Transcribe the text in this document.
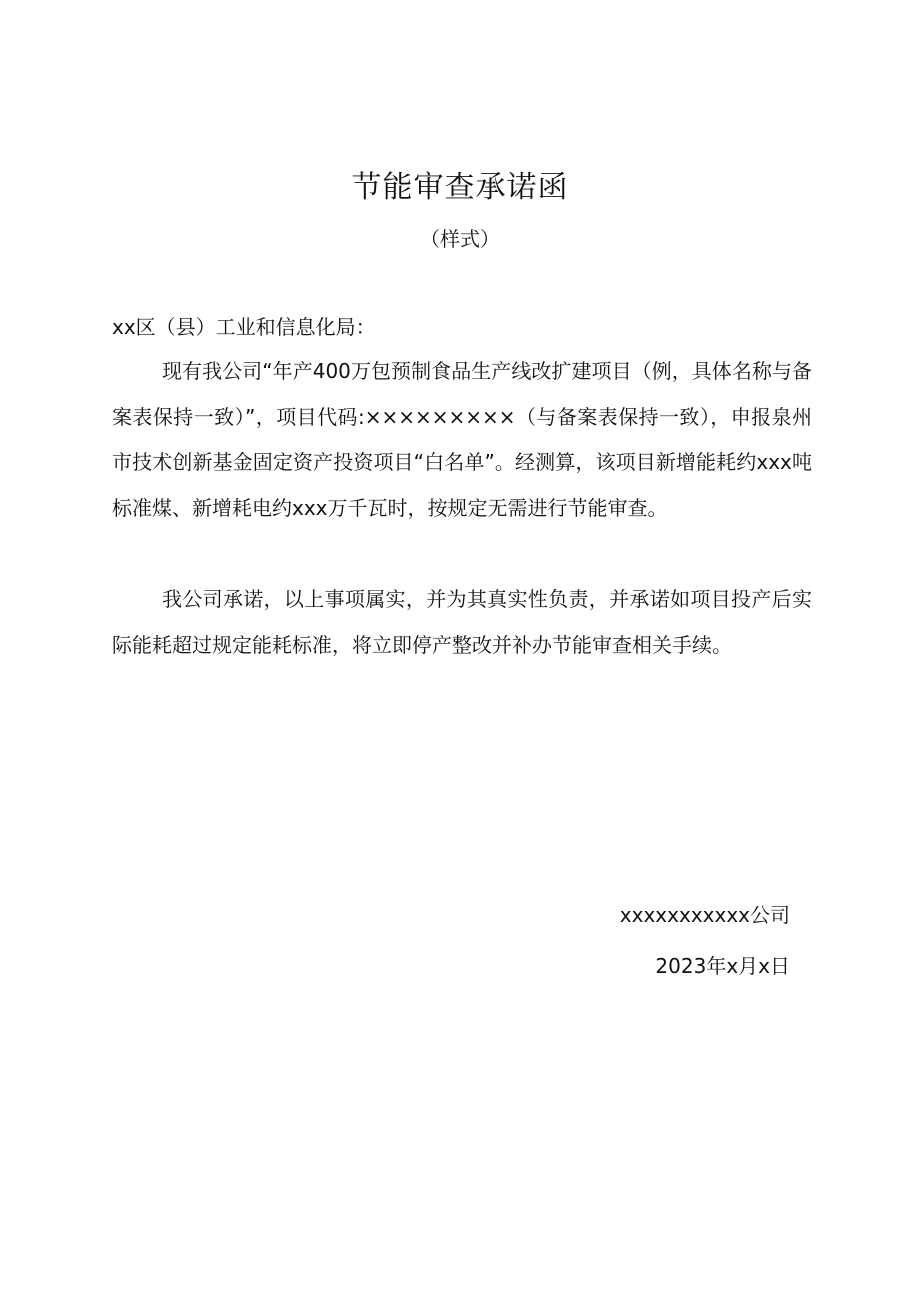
节能审查承诺函
（样式）
xx区（县）工业和信息化局：
现有我公司“年产400万包预制食品生产线改扩建项目（例，具体名称与备案表保持一致）”，项目代码:×××××××××（与备案表保持一致），申报泉州市技术创新基金固定资产投资项目“白名单”。经测算，该项目新增能耗约xxx吨标准煤、新增耗电约xxx万千瓦时，按规定无需进行节能审查。
我公司承诺，以上事项属实，并为其真实性负责，并承诺如项目投产后实际能耗超过规定能耗标准，将立即停产整改并补办节能审查相关手续。
xxxxxxxxxxx公司
2023年x月x日
